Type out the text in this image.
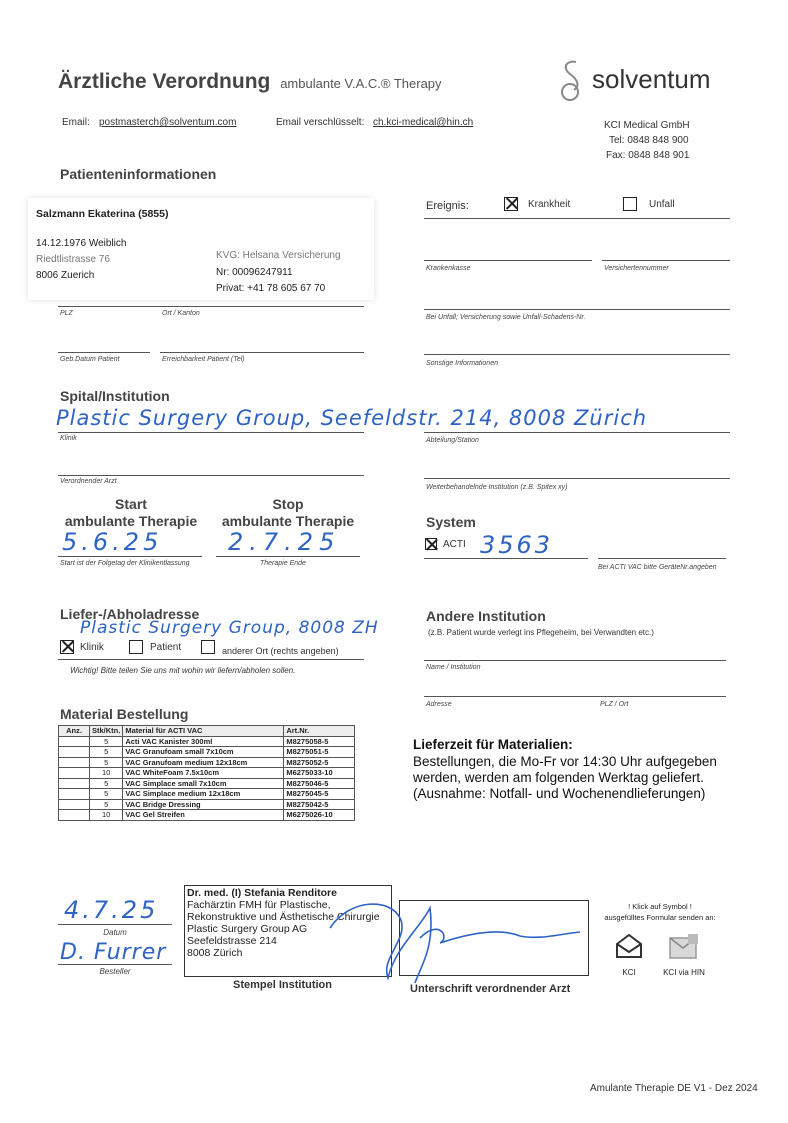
Ärztliche Verordnung ambulante V.A.C.® Therapy	solventum
Email: postmasterch@solventum.com	Email verschlüsselt: ch.kci-medical@hin.ch	KCI Medical GmbH
Tel: 0848 848 900
Fax: 0848 848 901
Patienteninformationen
Salzmann Ekaterina (5855)
14.12.1976 Weiblich
Riedtlistrasse 76
8006 Zuerich
KVG: Helsana Versicherung
Nr: 00096247911
Privat: +41 78 605 67 70
PLZ	Ort / Kanton
Geb.Datum Patient	Erreichbarkeit Patient (Tel)
Ereignis:	Krankheit	Unfall
Krankenkasse	Versichertennummer
Bei Unfall; Versicherung sowie Unfall-Schadens-Nr.
Sonstige Informationen
Spital/Institution
Plastic Surgery Group, Seefeldstr. 214, 8008 Zürich
Klinik	Abteilung/Station
Verordnender Arzt
Weiterbehandelnde Institution (z.B. Spitex xy)
Start
ambulante Therapie
Stop
ambulante Therapie
5.6.25	2.7.25
Start ist der Folgetag der Klinikentlassung	Therapie Ende
System
ACTI 3563
Bei ACTI VAC bitte GeräteNr.angeben
Liefer-/Abholadresse
Plastic Surgery Group, 8008 ZH
Klinik	Patient	anderer Ort (rechts angeben)
Wichtig! Bitte teilen Sie uns mit wohin wir liefern/abholen sollen.
Andere Institution
(z.B. Patient wurde verlegt ins Pflegeheim, bei Verwandten etc.)
Name / Institution
Adresse	PLZ / Ort
Material Bestellung
Anz.	Stk/Ktn.	Material für ACTI VAC	Art.Nr.
	5	Acti VAC Kanister 300ml	M8275058-5
	5	VAC Granufoam small 7x10cm	M8275051-5
	5	VAC Granufoam medium 12x18cm	M8275052-5
	10	VAC WhiteFoam 7.5x10cm	M6275033-10
	5	VAC Simplace small 7x10cm	M8275046-5
	5	VAC Simplace medium 12x18cm	M8275045-5
	5	VAC Bridge Dressing	M8275042-5
	10	VAC Gel Streifen	M6275026-10
Lieferzeit für Materialien:
Bestellungen, die Mo-Fr vor 14:30 Uhr aufgegeben
werden, werden am folgenden Werktag geliefert.
(Ausnahme: Notfall- und Wochenendlieferungen)
4.7.25
Datum
D. Furrer
Besteller
Dr. med. (I) Stefania Renditore
Fachärztin FMH für Plastische,
Rekonstruktive und Ästhetische Chirurgie
Plastic Surgery Group AG
Seefeldstrasse 214
8008 Zürich
Stempel Institution	Unterschrift verordnender Arzt
! Klick auf Symbol !
ausgefülltes Formular senden an:
KCI	KCI via HIN
Amulante Therapie DE V1 - Dez 2024
